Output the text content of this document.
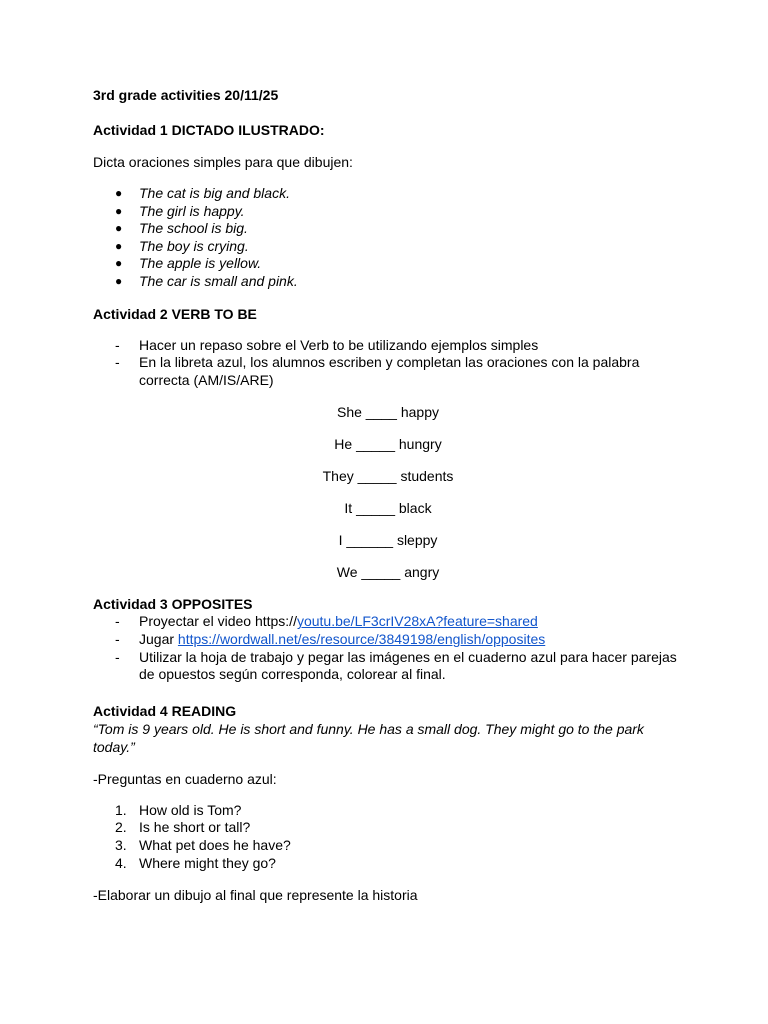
3rd grade activities 20/11/25

Actividad 1 DICTADO ILUSTRADO:

Dicta oraciones simples para que dibujen:

● The cat is big and black.
● The girl is happy.
● The school is big.
● The boy is crying.
● The apple is yellow.
● The car is small and pink.

Actividad 2 VERB TO BE

- Hacer un repaso sobre el Verb to be utilizando ejemplos simples
- En la libreta azul, los alumnos escriben y completan las oraciones con la palabra correcta (AM/IS/ARE)

She ____ happy

He _____ hungry

They _____ students

It _____ black

I ______ sleppy

We _____ angry

Actividad 3 OPPOSITES

- Proyectar el video https://youtu.be/LF3crIV28xA?feature=shared
- Jugar https://wordwall.net/es/resource/3849198/english/opposites
- Utilizar la hoja de trabajo y pegar las imágenes en el cuaderno azul para hacer parejas de opuestos según corresponda, colorear al final.

Actividad 4 READING

“Tom is 9 years old. He is short and funny. He has a small dog. They might go to the park today.”

-Preguntas en cuaderno azul:

1. How old is Tom?
2. Is he short or tall?
3. What pet does he have?
4. Where might they go?

-Elaborar un dibujo al final que represente la historia
